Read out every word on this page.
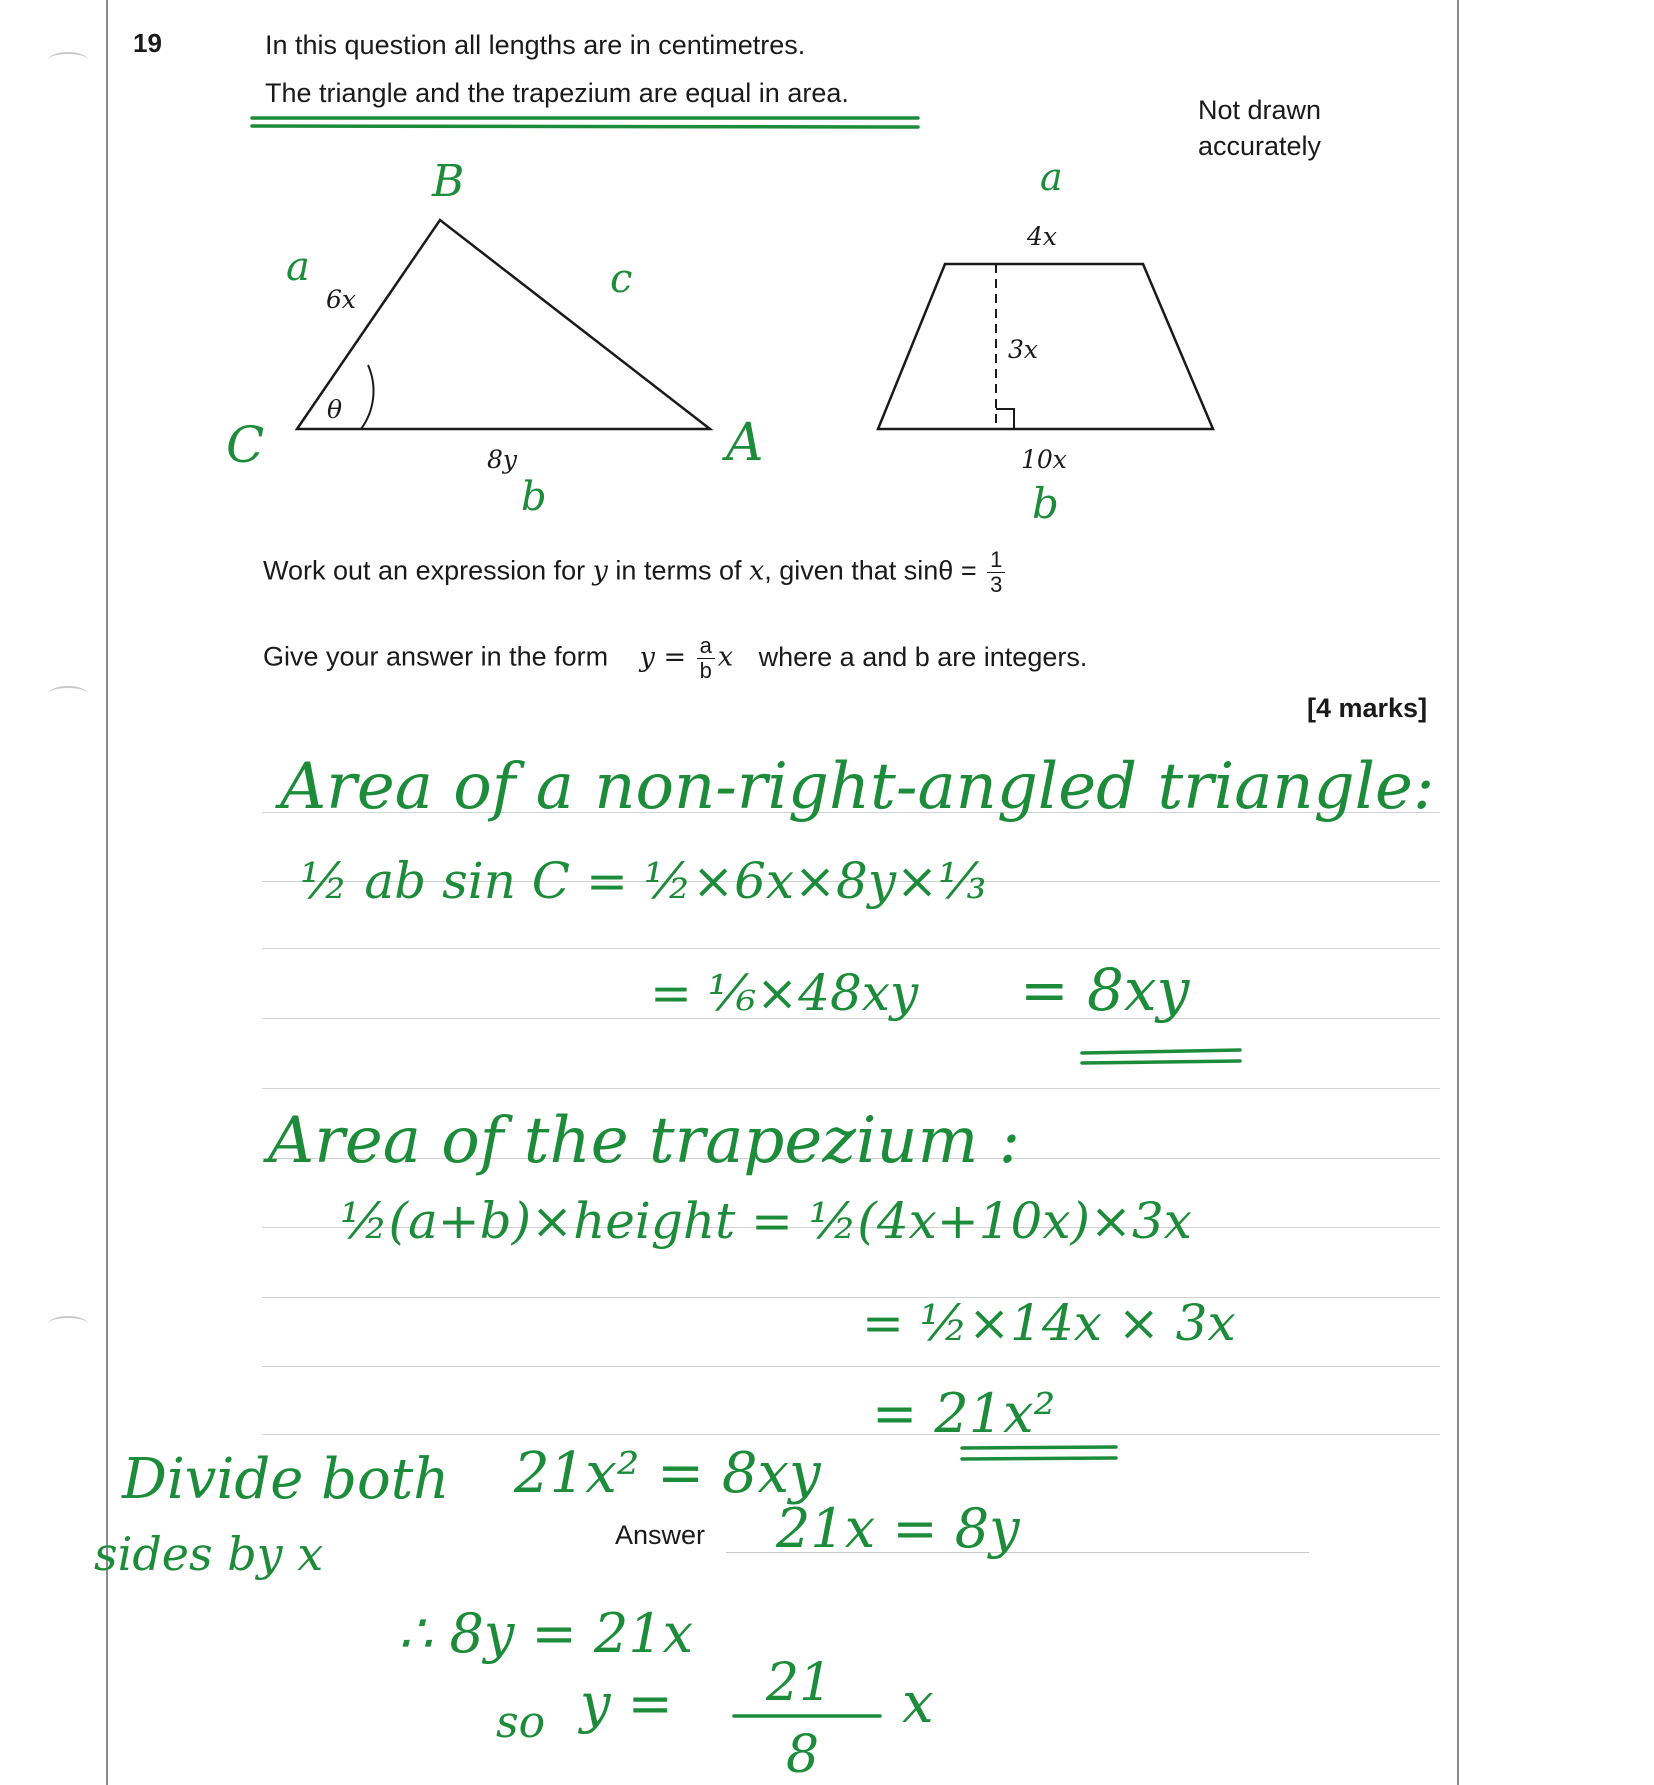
19	In this question all lengths are in centimetres.
The triangle and the trapezium are equal in area.
Not drawn
accurately
Work out an expression for y in terms of x, given that $\sin\theta = \frac{1}{3}$
Give your answer in the form $y = \frac{a}{b}$ x where a and b are integers.
[4 marks]
Answer
6x
8y
θ
4x
3x
10x
B
a	c
C	A
b
a
b
Area of a non-right-angled triangle:
½ ab sin C = ½×6x×8y×⅓
= ⅙×48xy = 8xy
Area of the trapezium :
½(a+b)×height = ½(4x+10x)×3x
= ½×14x × 3x
= 21x²
Divide both
sides by x
21x² = 8xy
21x = 8y
∴ 8y = 21x
so y = 21
8
x
